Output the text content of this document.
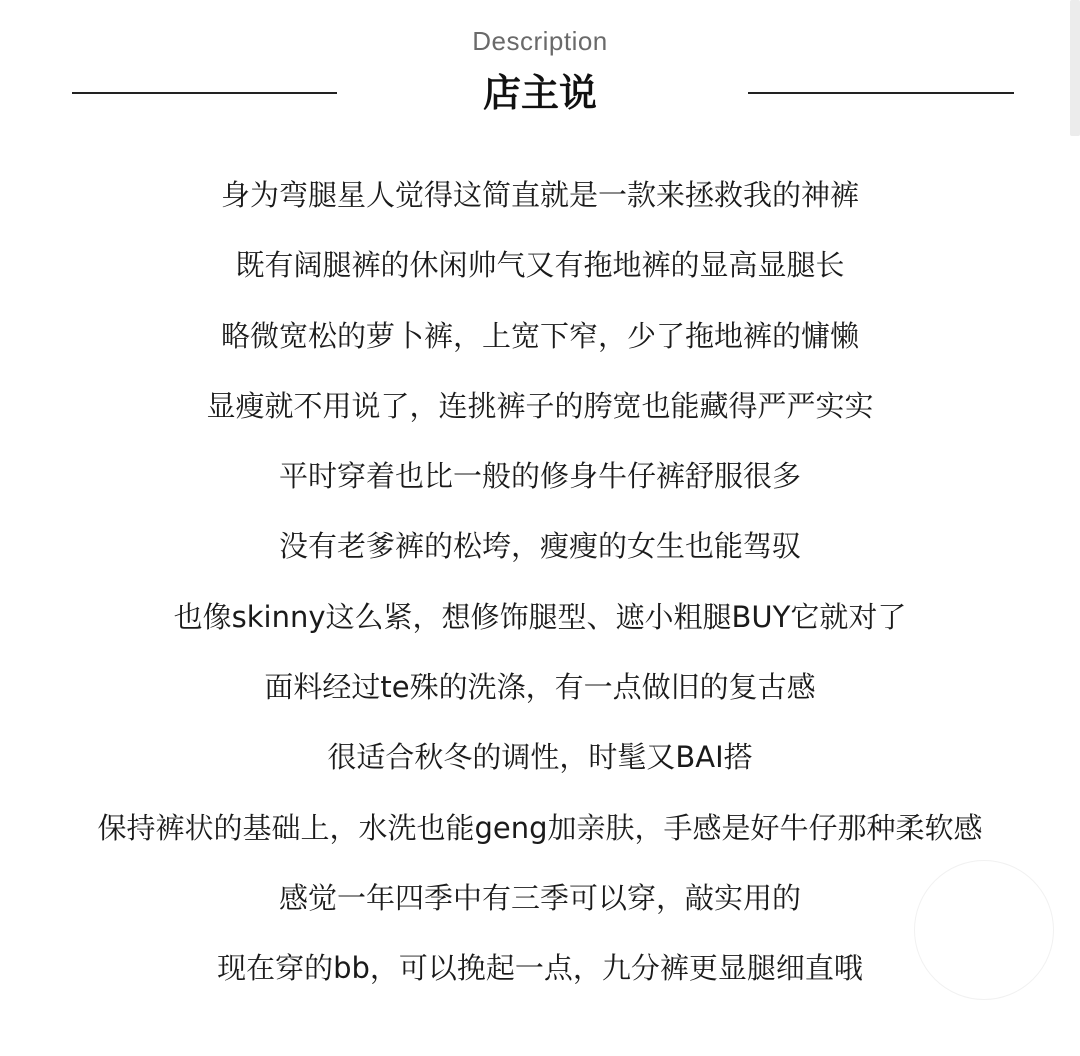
Description
店主说
身为弯腿星人觉得这简直就是一款来拯救我的神裤
既有阔腿裤的休闲帅气又有拖地裤的显高显腿长
略微宽松的萝卜裤，上宽下窄，少了拖地裤的慵懒
显瘦就不用说了，连挑裤子的胯宽也能藏得严严实实
平时穿着也比一般的修身牛仔裤舒服很多
没有老爹裤的松垮，瘦瘦的女生也能驾驭
也像skinny这么紧，想修饰腿型、遮小粗腿BUY它就对了
面料经过te殊的洗涤，有一点做旧的复古感
很适合秋冬的调性，时髦又BAI搭
保持裤状的基础上，水洗也能geng加亲肤，手感是好牛仔那种柔软感
感觉一年四季中有三季可以穿，敲实用的
现在穿的bb，可以挽起一点，九分裤更显腿细直哦
